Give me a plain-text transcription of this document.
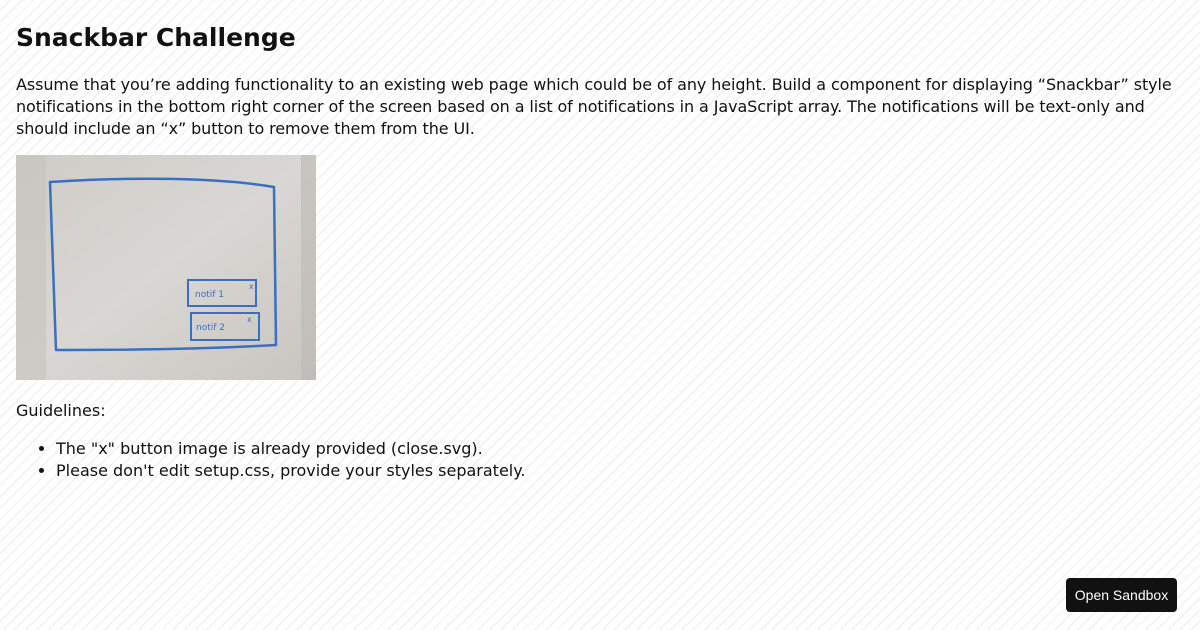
Snackbar Challenge

Assume that you’re adding functionality to an existing web page which could be of any height. Build a component for displaying “Snackbar” style notifications in the bottom right corner of the screen based on a list of notifications in a JavaScript array. The notifications will be text-only and should include an “x” button to remove them from the UI.

notif 1
x
notif 2
x

Guidelines:

• The "x" button image is already provided (close.svg).
• Please don't edit setup.css, provide your styles separately.
Open Sandbox
